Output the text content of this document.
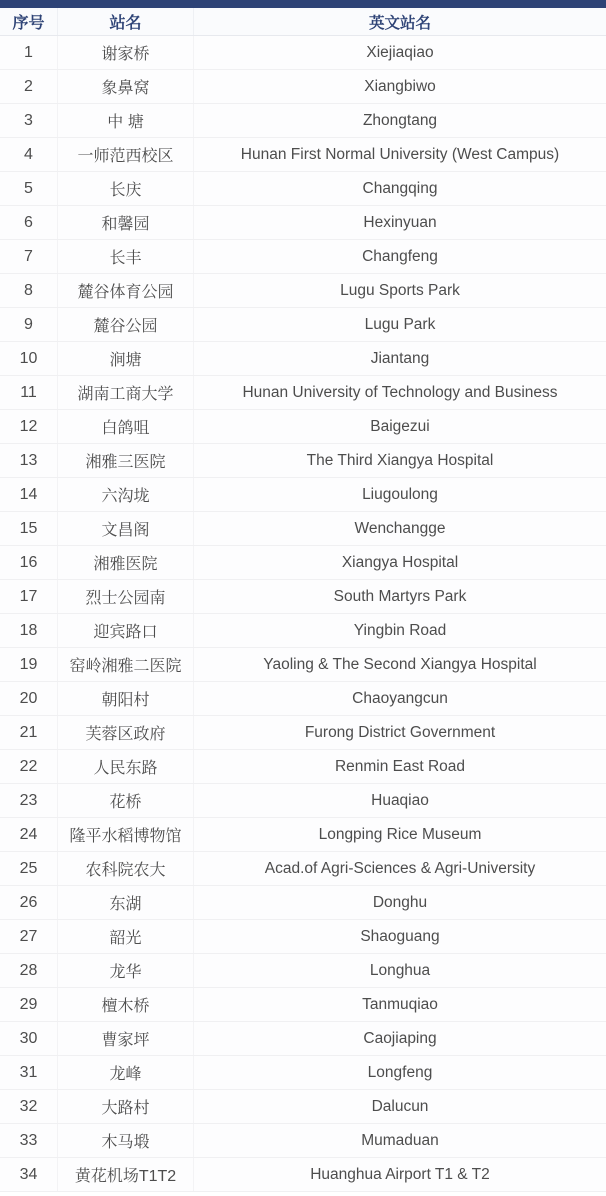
序号	站名	英文站名
1	谢家桥	Xiejiaqiao
2	象鼻窝	Xiangbiwo
3	中 塘	Zhongtang
4	一师范西校区	Hunan First Normal University (West Campus)
5	长庆	Changqing
6	和馨园	Hexinyuan
7	长丰	Changfeng
8	麓谷体育公园	Lugu Sports Park
9	麓谷公园	Lugu Park
10	涧塘	Jiantang
11	湖南工商大学	Hunan University of Technology and Business
12	白鸽咀	Baigezui
13	湘雅三医院	The Third Xiangya Hospital
14	六沟垅	Liugoulong
15	文昌阁	Wenchangge
16	湘雅医院	Xiangya Hospital
17	烈士公园南	South Martyrs Park
18	迎宾路口	Yingbin Road
19	窑岭湘雅二医院	Yaoling & The Second Xiangya Hospital
20	朝阳村	Chaoyangcun
21	芙蓉区政府	Furong District Government
22	人民东路	Renmin East Road
23	花桥	Huaqiao
24	隆平水稻博物馆	Longping Rice Museum
25	农科院农大	Acad.of Agri-Sciences & Agri-University
26	东湖	Donghu
27	韶光	Shaoguang
28	龙华	Longhua
29	檀木桥	Tanmuqiao
30	曹家坪	Caojiaping
31	龙峰	Longfeng
32	大路村	Dalucun
33	木马塅	Mumaduan
34	黄花机场T1T2	Huanghua Airport T1 & T2
